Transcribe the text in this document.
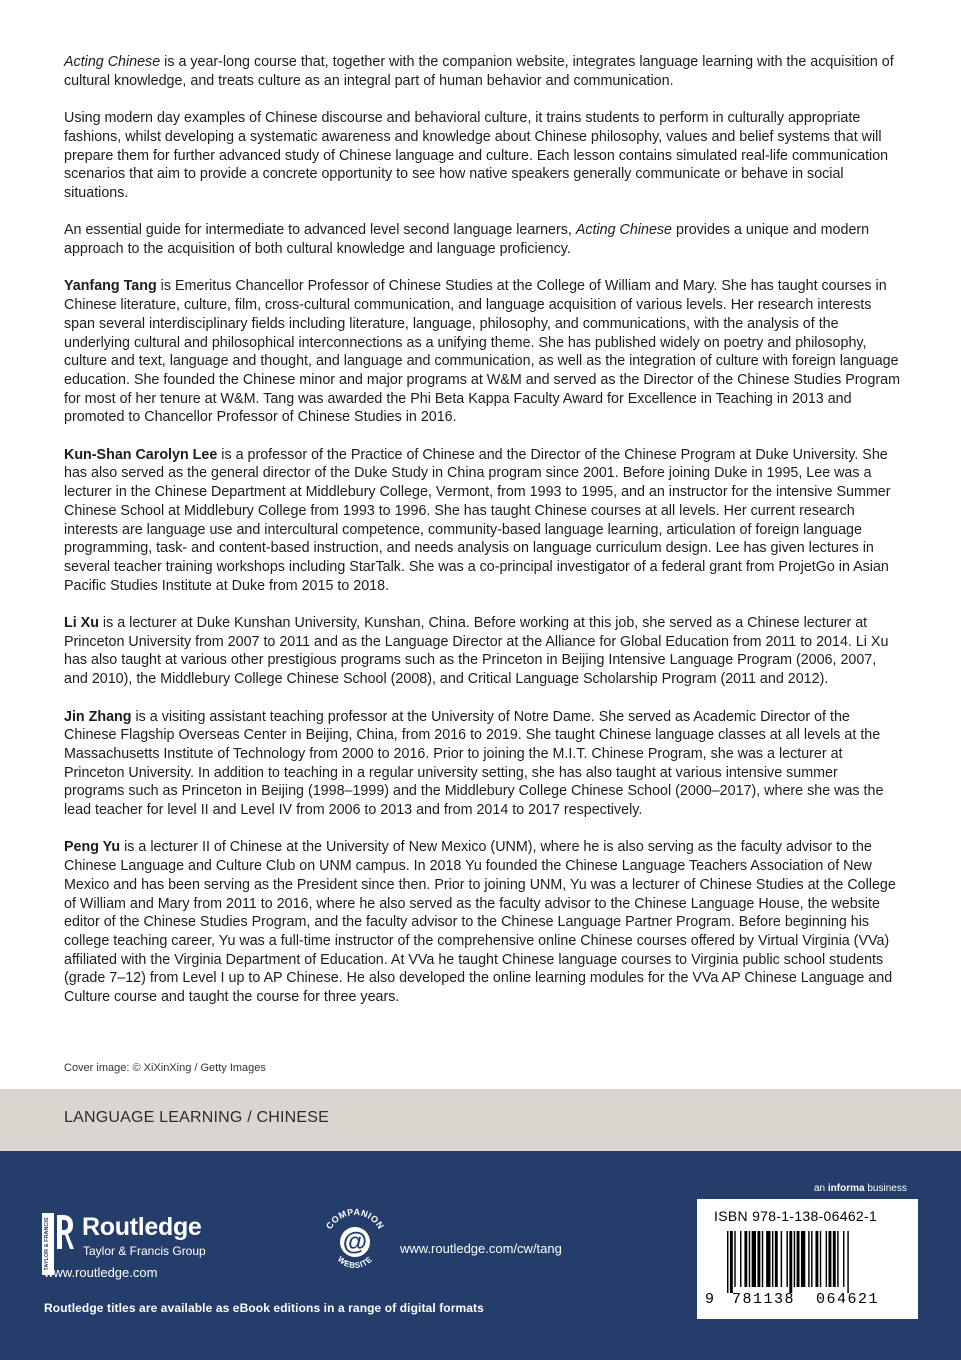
Acting Chinese is a year-long course that, together with the companion website, integrates language learning with the acquisition of cultural knowledge, and treats culture as an integral part of human behavior and communication.

Using modern day examples of Chinese discourse and behavioral culture, it trains students to perform in culturally appropriate fashions, whilst developing a systematic awareness and knowledge about Chinese philosophy, values and belief systems that will prepare them for further advanced study of Chinese language and culture. Each lesson contains simulated real-life communication scenarios that aim to provide a concrete opportunity to see how native speakers generally communicate or behave in social situations.

An essential guide for intermediate to advanced level second language learners, Acting Chinese provides a unique and modern approach to the acquisition of both cultural knowledge and language proficiency.

Yanfang Tang is Emeritus Chancellor Professor of Chinese Studies at the College of William and Mary. She has taught courses in Chinese literature, culture, film, cross-cultural communication, and language acquisition of various levels. Her research interests span several interdisciplinary fields including literature, language, philosophy, and communications, with the analysis of the underlying cultural and philosophical interconnections as a unifying theme. She has published widely on poetry and philosophy, culture and text, language and thought, and language and communication, as well as the integration of culture with foreign language education. She founded the Chinese minor and major programs at W&M and served as the Director of the Chinese Studies Program for most of her tenure at W&M. Tang was awarded the Phi Beta Kappa Faculty Award for Excellence in Teaching in 2013 and promoted to Chancellor Professor of Chinese Studies in 2016.

Kun-Shan Carolyn Lee is a professor of the Practice of Chinese and the Director of the Chinese Program at Duke University. She has also served as the general director of the Duke Study in China program since 2001. Before joining Duke in 1995, Lee was a lecturer in the Chinese Department at Middlebury College, Vermont, from 1993 to 1995, and an instructor for the intensive Summer Chinese School at Middlebury College from 1993 to 1996. She has taught Chinese courses at all levels. Her current research interests are language use and intercultural competence, community-based language learning, articulation of foreign language programming, task- and content-based instruction, and needs analysis on language curriculum design. Lee has given lectures in several teacher training workshops including StarTalk. She was a co-principal investigator of a federal grant from ProjetGo in Asian Pacific Studies Institute at Duke from 2015 to 2018.

Li Xu is a lecturer at Duke Kunshan University, Kunshan, China. Before working at this job, she served as a Chinese lecturer at Princeton University from 2007 to 2011 and as the Language Director at the Alliance for Global Education from 2011 to 2014. Li Xu has also taught at various other prestigious programs such as the Princeton in Beijing Intensive Language Program (2006, 2007, and 2010), the Middlebury College Chinese School (2008), and Critical Language Scholarship Program (2011 and 2012).

Jin Zhang is a visiting assistant teaching professor at the University of Notre Dame. She served as Academic Director of the Chinese Flagship Overseas Center in Beijing, China, from 2016 to 2019. She taught Chinese language classes at all levels at the Massachusetts Institute of Technology from 2000 to 2016. Prior to joining the M.I.T. Chinese Program, she was a lecturer at Princeton University. In addition to teaching in a regular university setting, she has also taught at various intensive summer programs such as Princeton in Beijing (1998–1999) and the Middlebury College Chinese School (2000–2017), where she was the lead teacher for level II and Level IV from 2006 to 2013 and from 2014 to 2017 respectively.

Peng Yu is a lecturer II of Chinese at the University of New Mexico (UNM), where he is also serving as the faculty advisor to the Chinese Language and Culture Club on UNM campus. In 2018 Yu founded the Chinese Language Teachers Association of New Mexico and has been serving as the President since then. Prior to joining UNM, Yu was a lecturer of Chinese Studies at the College of William and Mary from 2011 to 2016, where he also served as the faculty advisor to the Chinese Language House, the website editor of the Chinese Studies Program, and the faculty advisor to the Chinese Language Partner Program. Before beginning his college teaching career, Yu was a full-time instructor of the comprehensive online Chinese courses offered by Virtual Virginia (VVa) affiliated with the Virginia Department of Education. At VVa he taught Chinese language courses to Virginia public school students (grade 7–12) from Level I up to AP Chinese. He also developed the online learning modules for the VVa AP Chinese Language and Culture course and taught the course for three years.

Cover image: © XiXinXing / Getty Images
LANGUAGE LEARNING / CHINESE
TAYLOR & FRANCIS Routledge
Taylor & Francis Group
www.routledge.com
@
COMPANION
WEBSITE
www.routledge.com/cw/tang
an informa business
ISBN 978-1-138-06462-1
9 781138 064621
Routledge titles are available as eBook editions in a range of digital formats
